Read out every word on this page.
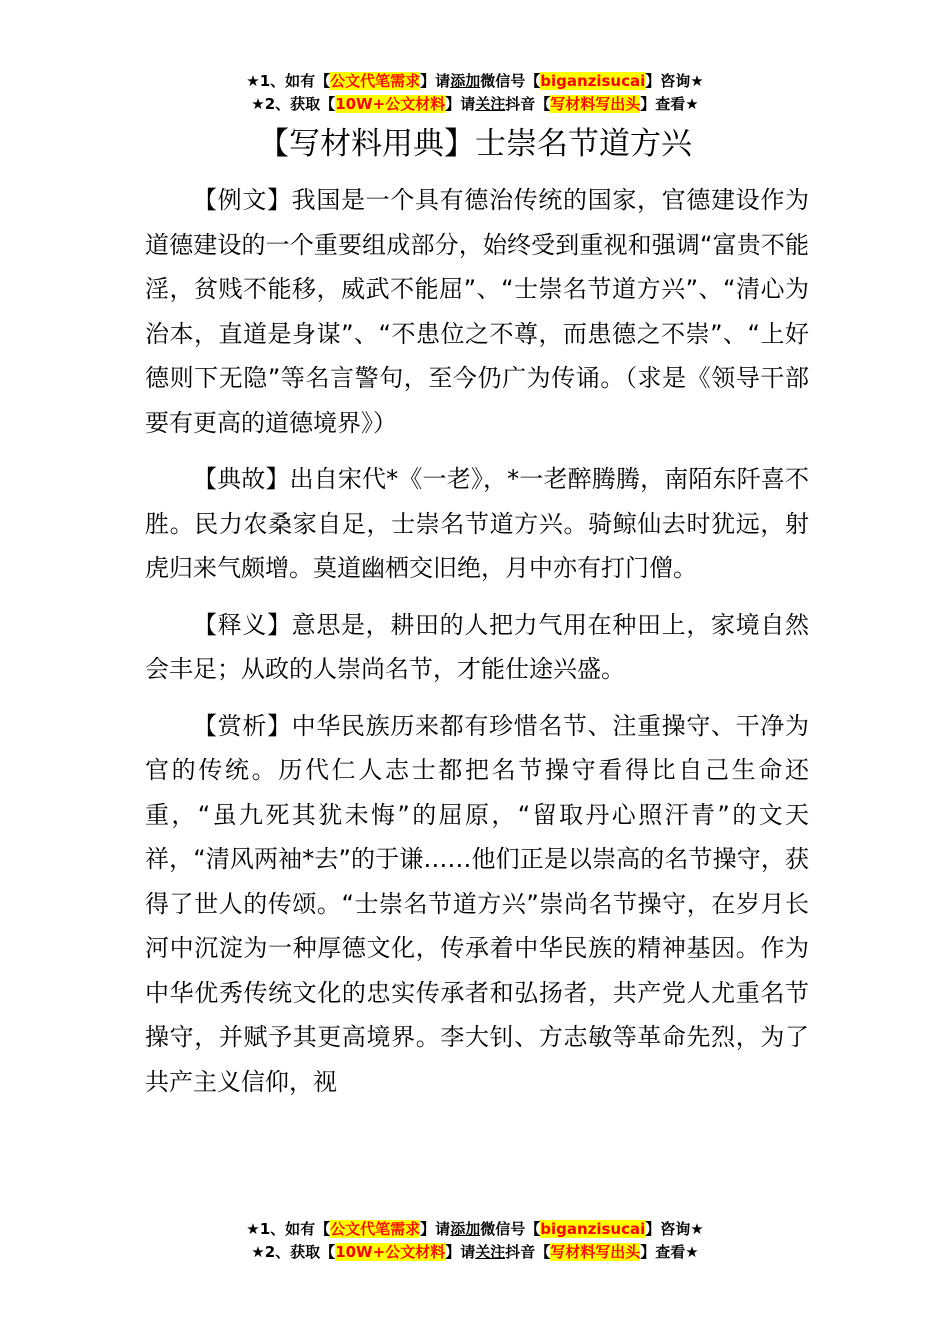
★1、如有【公文代笔需求】请添加微信号【biganzisucai】咨询★
★2、获取【10W+公文材料】请关注抖音【写材料写出头】查看★
【写材料用典】士崇名节道方兴

【例文】我国是一个具有德治传统的国家，官德建设作为道德建设的一个重要组成部分，始终受到重视和强调“富贵不能淫，贫贱不能移，威武不能屈”、“士崇名节道方兴”、“清心为治本，直道是身谋”、“不患位之不尊，而患德之不崇”、“上好德则下无隐”等名言警句，至今仍广为传诵。（求是《领导干部要有更高的道德境界》）

【典故】出自宋代*《一老》，*一老醉腾腾，南陌东阡喜不胜。民力农桑家自足，士崇名节道方兴。骑鲸仙去时犹远，射虎归来气颇增。莫道幽栖交旧绝，月中亦有打门僧。

【释义】意思是，耕田的人把力气用在种田上，家境自然会丰足；从政的人崇尚名节，才能仕途兴盛。

【赏析】中华民族历来都有珍惜名节、注重操守、干净为官的传统。历代仁人志士都把名节操守看得比自己生命还重，“虽九死其犹未悔”的屈原，“留取丹心照汗青”的文天祥，“清风两袖*去”的于谦……他们正是以崇高的名节操守，获得了世人的传颂。“士崇名节道方兴”崇尚名节操守，在岁月长河中沉淀为一种厚德文化，传承着中华民族的精神基因。作为中华优秀传统文化的忠实传承者和弘扬者，共产党人尤重名节操守，并赋予其更高境界。李大钊、方志敏等革命先烈，为了共产主义信仰，视

★1、如有【公文代笔需求】请添加微信号【biganzisucai】咨询★
★2、获取【10W+公文材料】请关注抖音【写材料写出头】查看★
